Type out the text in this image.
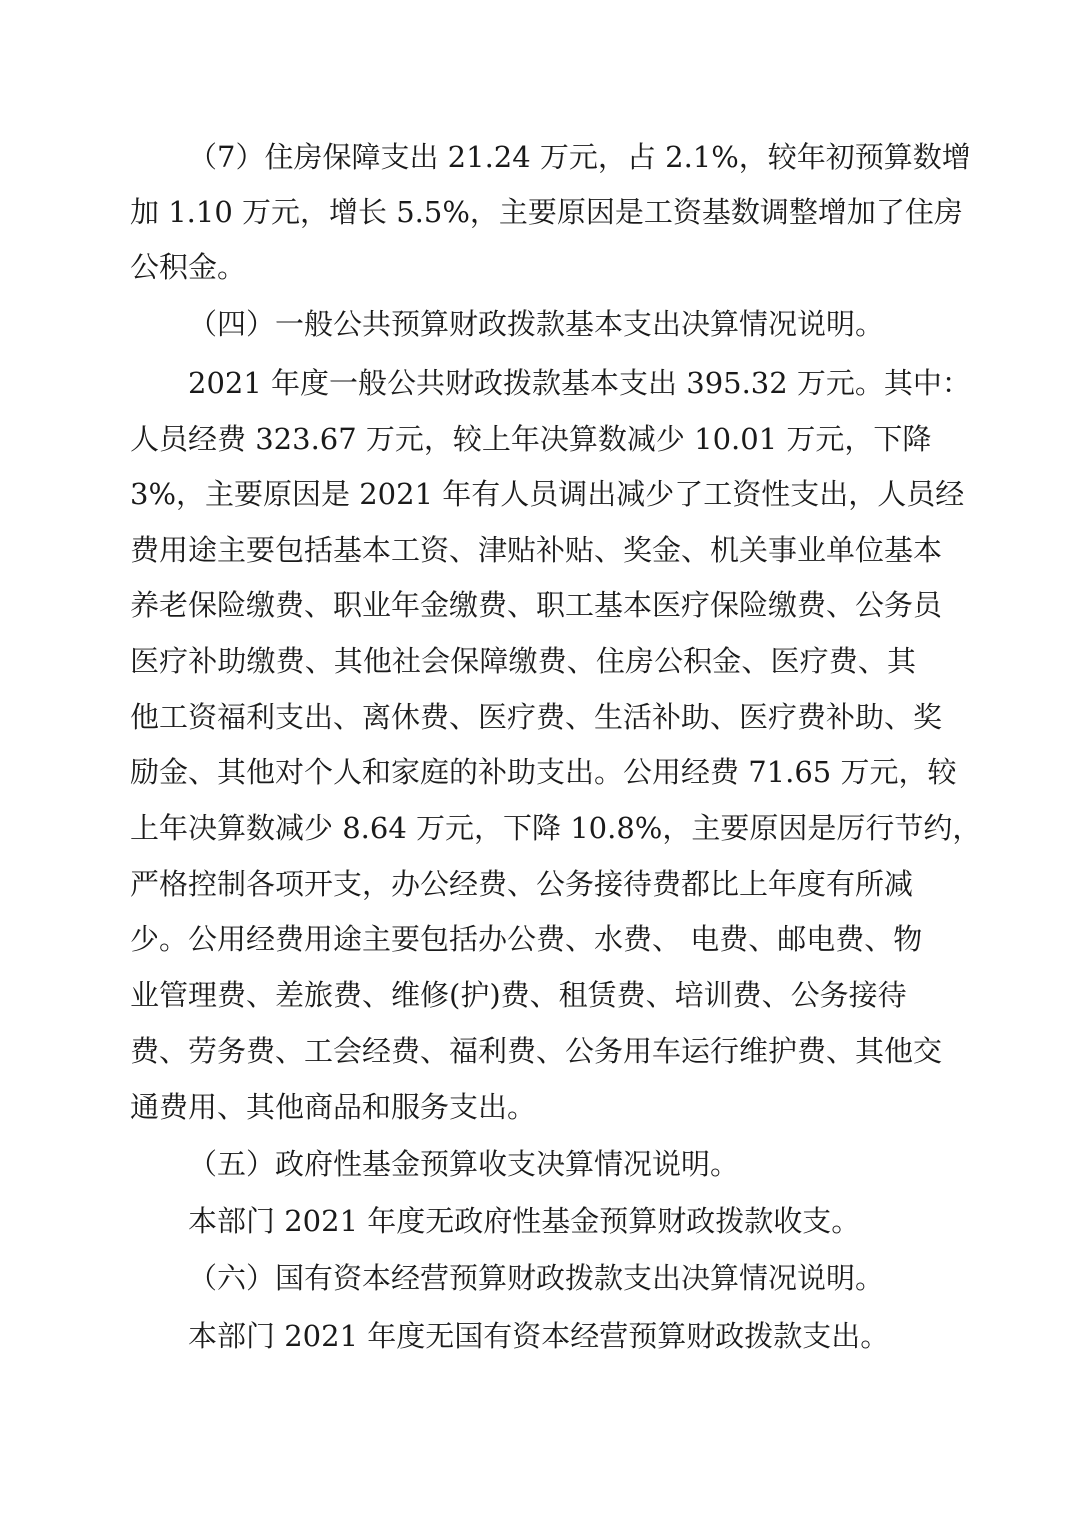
（7）住房保障支出 21.24 万元，占 2.1%，较年初预算数增
加 1.10 万元，增长 5.5%，主要原因是工资基数调整增加了住房
公积金。
（四）一般公共预算财政拨款基本支出决算情况说明。
2021 年度一般公共财政拨款基本支出 395.32 万元。其中：
人员经费 323.67 万元，较上年决算数减少 10.01 万元，下降
3%，主要原因是 2021 年有人员调出减少了工资性支出，人员经
费用途主要包括基本工资、津贴补贴、奖金、机关事业单位基本
养老保险缴费、职业年金缴费、职工基本医疗保险缴费、公务员
医疗补助缴费、其他社会保障缴费、住房公积金、医疗费、其
他工资福利支出、离休费、医疗费、生活补助、医疗费补助、奖
励金、其他对个人和家庭的补助支出。公用经费 71.65 万元，较
上年决算数减少 8.64 万元，下降 10.8%，主要原因是厉行节约，
严格控制各项开支，办公经费、公务接待费都比上年度有所减
少。公用经费用途主要包括办公费、水费、 电费、邮电费、物
业管理费、差旅费、维修(护)费、租赁费、培训费、公务接待
费、劳务费、工会经费、福利费、公务用车运行维护费、其他交
通费用、其他商品和服务支出。
（五）政府性基金预算收支决算情况说明。
本部门 2021 年度无政府性基金预算财政拨款收支。
（六）国有资本经营预算财政拨款支出决算情况说明。
本部门 2021 年度无国有资本经营预算财政拨款支出。
